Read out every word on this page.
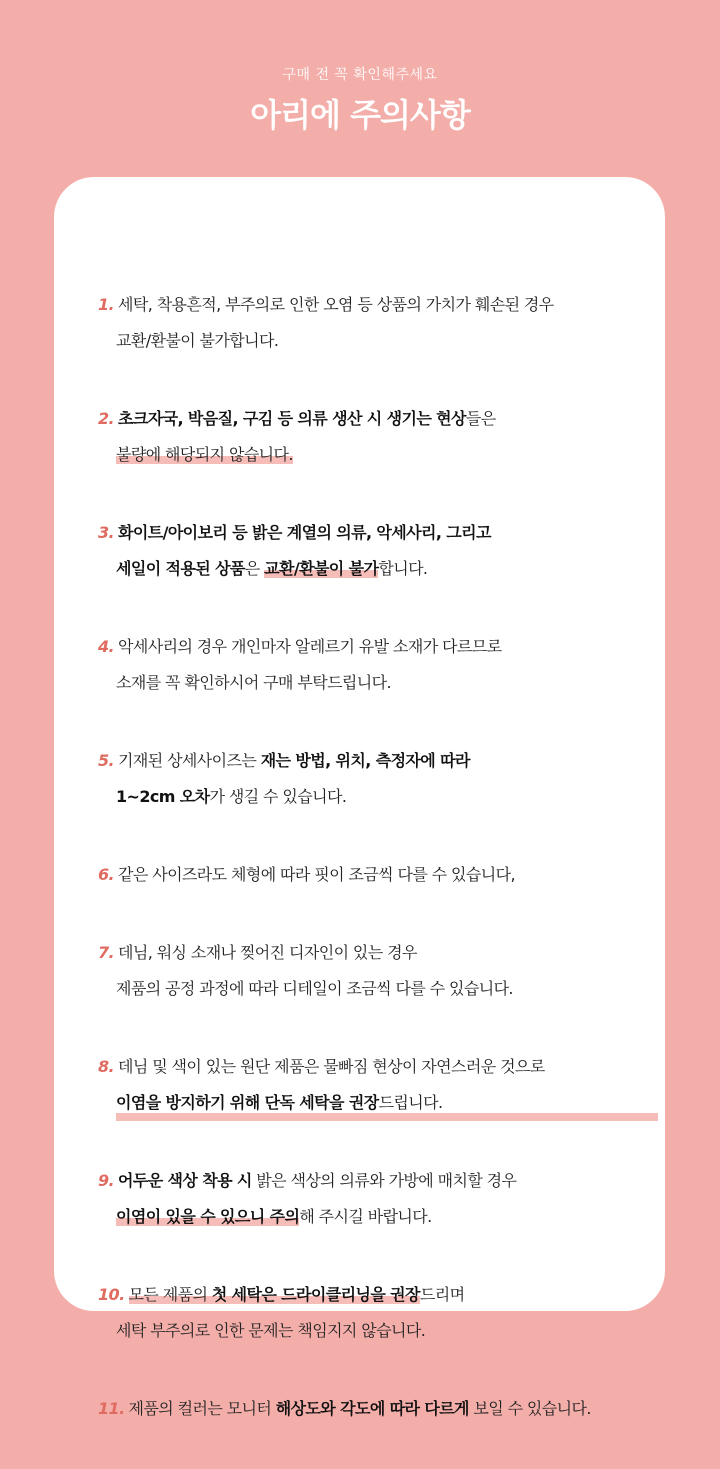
구매 전 꼭 확인해주세요
아리에 주의사항
1. 세탁, 착용흔적, 부주의로 인한 오염 등 상품의 가치가 훼손된 경우
교환/환불이 불가합니다.
2. 초크자국, 박음질, 구김 등 의류 생산 시 생기는 현상들은
불량에 해당되지 않습니다.
3. 화이트/아이보리 등 밝은 계열의 의류, 악세사리, 그리고
세일이 적용된 상품은 교환/환불이 불가합니다.
4. 악세사리의 경우 개인마자 알레르기 유발 소재가 다르므로
소재를 꼭 확인하시어 구매 부탁드립니다.
5. 기재된 상세사이즈는 재는 방법, 위치, 측정자에 따라
1~2cm 오차가 생길 수 있습니다.
6. 같은 사이즈라도 체형에 따라 핏이 조금씩 다를 수 있습니다,
7. 데님, 워싱 소재나 찢어진 디자인이 있는 경우
제품의 공정 과정에 따라 디테일이 조금씩 다를 수 있습니다.
8. 데님 및 색이 있는 원단 제품은 물빠짐 현상이 자연스러운 것으로
이염을 방지하기 위해 단독 세탁을 권장드립니다.
9. 어두운 색상 착용 시 밝은 색상의 의류와 가방에 매치할 경우
이염이 있을 수 있으니 주의해 주시길 바랍니다.
10. 모든 제품의 첫 세탁은 드라이클리닝을 권장드리며
세탁 부주의로 인한 문제는 책임지지 않습니다.
11. 제품의 컬러는 모니터 해상도와 각도에 따라 다르게 보일 수 있습니다.
